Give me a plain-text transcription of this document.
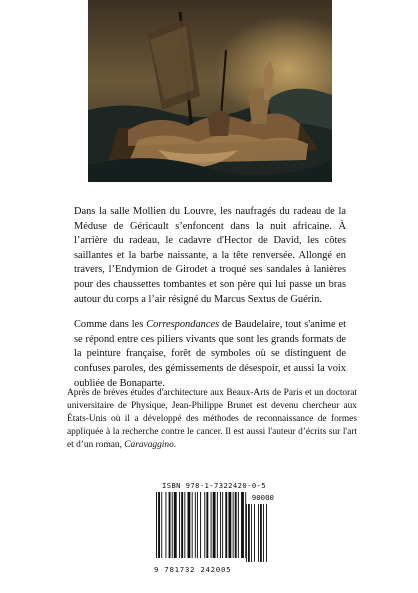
Dans la salle Mollien du Louvre, les naufragés du radeau de la Méduse de Géricault s’enfoncent dans la nuit africaine. À l’arrière du radeau, le cadavre d'Hector de David, les côtes saillantes et la barbe naissante, a la tête renversée. Allongé en travers, l’Endymion de Girodet a troqué ses sandales à lanières pour des chaussettes tombantes et son père qui lui passe un bras autour du corps a l’air résigné du Marcus Sextus de Guérin.

Comme dans les Correspondances de Baudelaire, tout s'anime et se répond entre ces piliers vivants que sont les grands formats de la peinture française, forêt de symboles où se distinguent de confuses paroles, des gémissements de désespoir, et aussi la voix oubliée de Bonaparte.

Après de brèves études d'architecture aux Beaux-Arts de Paris et un doctorat universitaire de Physique, Jean-Philippe Brunet est devenu chercheur aux États-Unis où il a développé des méthodes de reconnaissance de formes appliquée à la recherche contre le cancer. Il est aussi l'auteur d’écrits sur l'art et d’un roman, Caravaggino.

ISBN 978-1-7322420-0-5
90000
9 781732 242005
